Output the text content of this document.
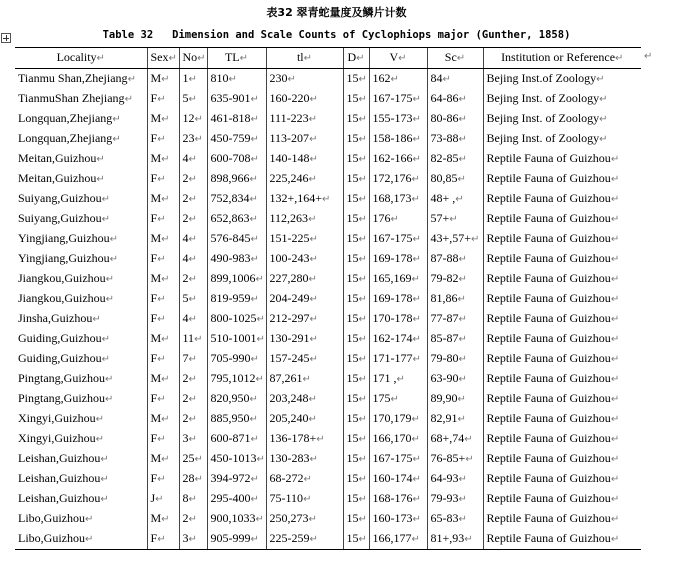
表32 翠青蛇量度及鳞片计数
Table 32   Dimension and Scale Counts of Cyclophiops major (Gunther, 1858)
Locality↵	Sex↵	No↵	TL↵	tl↵	D↵	V↵	Sc↵	Institution or Reference↵
Tianmu Shan,Zhejiang↵	M↵	1↵	810↵	230↵	15↵	162↵	84↵	Bejing Inst.of Zoology↵
TianmuShan Zhejiang↵	F↵	5↵	635-901↵	160-220↵	15↵	167-175↵	64-86↵	Bejing Inst. of Zoology↵
Longquan,Zhejiang↵	M↵	12↵	461-818↵	111-223↵	15↵	155-173↵	80-86↵	Bejing Inst. of Zoology↵
Longquan,Zhejiang↵	F↵	23↵	450-759↵	113-207↵	15↵	158-186↵	73-88↵	Bejing Inst. of Zoology↵
Meitan,Guizhou↵	M↵	4↵	600-708↵	140-148↵	15↵	162-166↵	82-85↵	Reptile Fauna of Guizhou↵
Meitan,Guizhou↵	F↵	2↵	898,966↵	225,246↵	15↵	172,176↵	80,85↵	Reptile Fauna of Guizhou↵
Suiyang,Guizhou↵	M↵	2↵	752,834↵	132+,164+↵	15↵	168,173↵	48+ ,↵	Reptile Fauna of Guizhou↵
Suiyang,Guizhou↵	F↵	2↵	652,863↵	112,263↵	15↵	176↵	57+↵	Reptile Fauna of Guizhou↵
Yingjiang,Guizhou↵	M↵	4↵	576-845↵	151-225↵	15↵	167-175↵	43+,57+↵	Reptile Fauna of Guizhou↵
Yingjiang,Guizhou↵	F↵	4↵	490-983↵	100-243↵	15↵	169-178↵	87-88↵	Reptile Fauna of Guizhou↵
Jiangkou,Guizhou↵	M↵	2↵	899,1006↵	227,280↵	15↵	165,169↵	79-82↵	Reptile Fauna of Guizhou↵
Jiangkou,Guizhou↵	F↵	5↵	819-959↵	204-249↵	15↵	169-178↵	81,86↵	Reptile Fauna of Guizhou↵
Jinsha,Guizhou↵	F↵	4↵	800-1025↵	212-297↵	15↵	170-178↵	77-87↵	Reptile Fauna of Guizhou↵
Guiding,Guizhou↵	M↵	11↵	510-1001↵	130-291↵	15↵	162-174↵	85-87↵	Reptile Fauna of Guizhou↵
Guiding,Guizhou↵	F↵	7↵	705-990↵	157-245↵	15↵	171-177↵	79-80↵	Reptile Fauna of Guizhou↵
Pingtang,Guizhou↵	M↵	2↵	795,1012↵	87,261↵	15↵	171 ,↵	63-90↵	Reptile Fauna of Guizhou↵
Pingtang,Guizhou↵	F↵	2↵	820,950↵	203,248↵	15↵	175↵	89,90↵	Reptile Fauna of Guizhou↵
Xingyi,Guizhou↵	M↵	2↵	885,950↵	205,240↵	15↵	170,179↵	82,91↵	Reptile Fauna of Guizhou↵
Xingyi,Guizhou↵	F↵	3↵	600-871↵	136-178+↵	15↵	166,170↵	68+,74↵	Reptile Fauna of Guizhou↵
Leishan,Guizhou↵	M↵	25↵	450-1013↵	130-283↵	15↵	167-175↵	76-85+↵	Reptile Fauna of Guizhou↵
Leishan,Guizhou↵	F↵	28↵	394-972↵	68-272↵	15↵	160-174↵	64-93↵	Reptile Fauna of Guizhou↵
Leishan,Guizhou↵	J↵	8↵	295-400↵	75-110↵	15↵	168-176↵	79-93↵	Reptile Fauna of Guizhou↵
Libo,Guizhou↵	M↵	2↵	900,1033↵	250,273↵	15↵	160-173↵	65-83↵	Reptile Fauna of Guizhou↵
Libo,Guizhou↵	F↵	3↵	905-999↵	225-259↵	15↵	166,177↵	81+,93↵	Reptile Fauna of Guizhou↵
↵
